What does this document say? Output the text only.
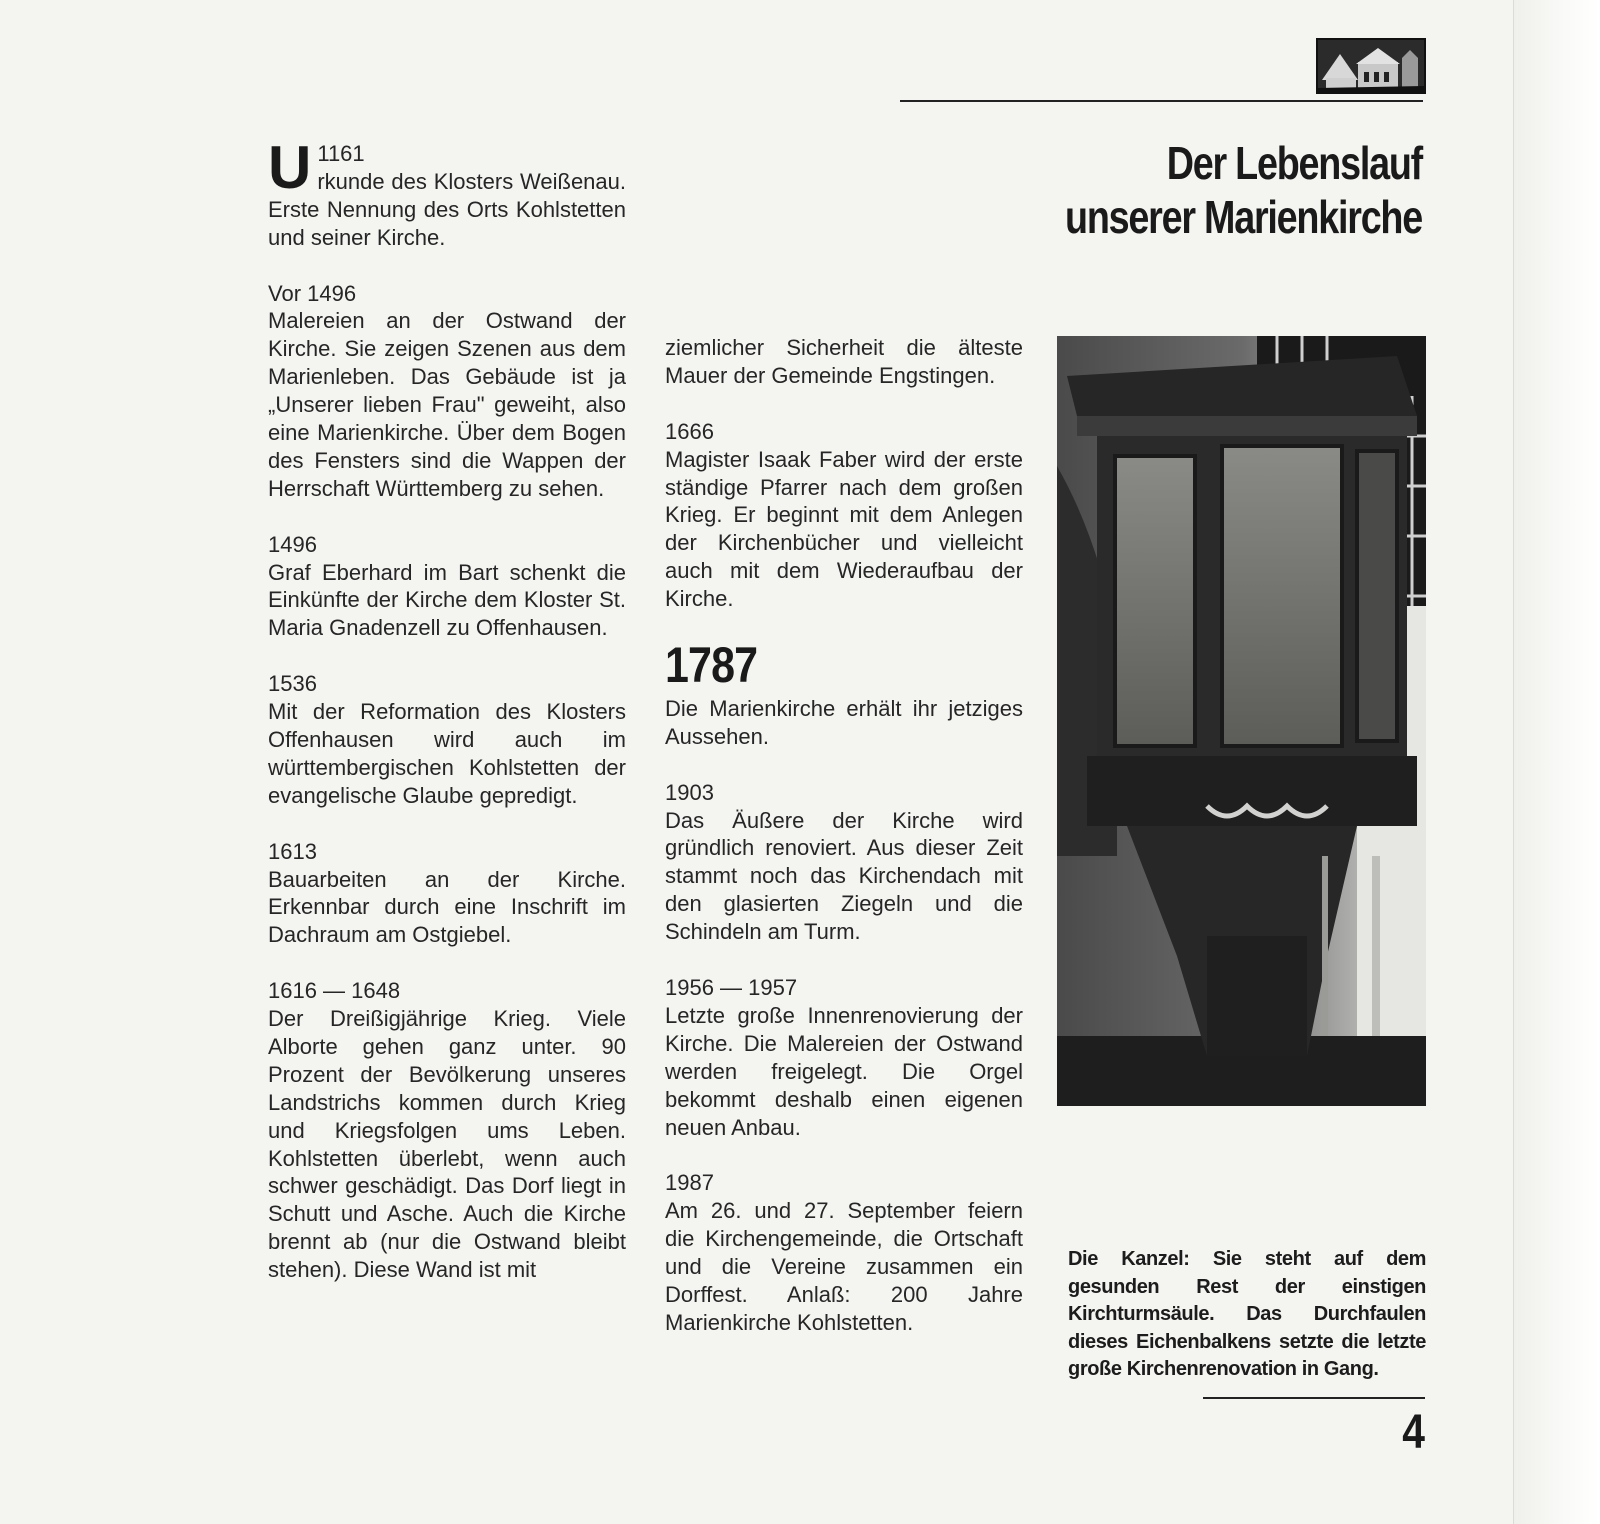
Der Lebenslauf
unserer Marienkirche
U 1161

rkunde des Klosters Weißenau. Erste Nennung des Orts Kohlstetten und seiner Kirche.

Vor 1496

Malereien an der Ostwand der Kirche. Sie zeigen Szenen aus dem Marienleben. Das Gebäude ist ja „Unserer lieben Frau" geweiht, also eine Marienkirche. Über dem Bogen des Fensters sind die Wappen der Herrschaft Württemberg zu sehen.

1496

Graf Eberhard im Bart schenkt die Einkünfte der Kirche dem Kloster St. Maria Gnadenzell zu Offenhausen.

1536

Mit der Reformation des Klosters Offenhausen wird auch im württembergischen Kohlstetten der evangelische Glaube gepredigt.

1613

Bauarbeiten an der Kirche. Erkennbar durch eine Inschrift im Dachraum am Ostgiebel.

1616 — 1648

Der Dreißigjährige Krieg. Viele Alborte gehen ganz unter. 90 Prozent der Bevölkerung unseres Landstrichs kommen durch Krieg und Kriegsfolgen ums Leben. Kohlstetten überlebt, wenn auch schwer geschädigt. Das Dorf liegt in Schutt und Asche. Auch die Kirche brennt ab (nur die Ostwand bleibt stehen). Diese Wand ist mit

ziemlicher Sicherheit die älteste Mauer der Gemeinde Engstingen.

1666

Magister Isaak Faber wird der erste ständige Pfarrer nach dem großen Krieg. Er beginnt mit dem Anlegen der Kirchenbücher und vielleicht auch mit dem Wiederaufbau der Kirche.

1787

Die Marienkirche erhält ihr jetziges Aussehen.

1903

Das Äußere der Kirche wird gründlich renoviert. Aus dieser Zeit stammt noch das Kirchendach mit den glasierten Ziegeln und die Schindeln am Turm.

1956 — 1957

Letzte große Innenrenovierung der Kirche. Die Malereien der Ostwand werden freigelegt. Die Orgel bekommt deshalb einen eigenen neuen Anbau.

1987

Am 26. und 27. September feiern die Kirchengemeinde, die Ortschaft und die Vereine zusammen ein Dorffest. Anlaß: 200 Jahre Marienkirche Kohlstetten.

Die Kanzel: Sie steht auf dem gesunden Rest der einstigen Kirchturmsäule. Das Durchfaulen dieses Eichenbalkens setzte die letzte große Kirchenrenovation in Gang.

4
